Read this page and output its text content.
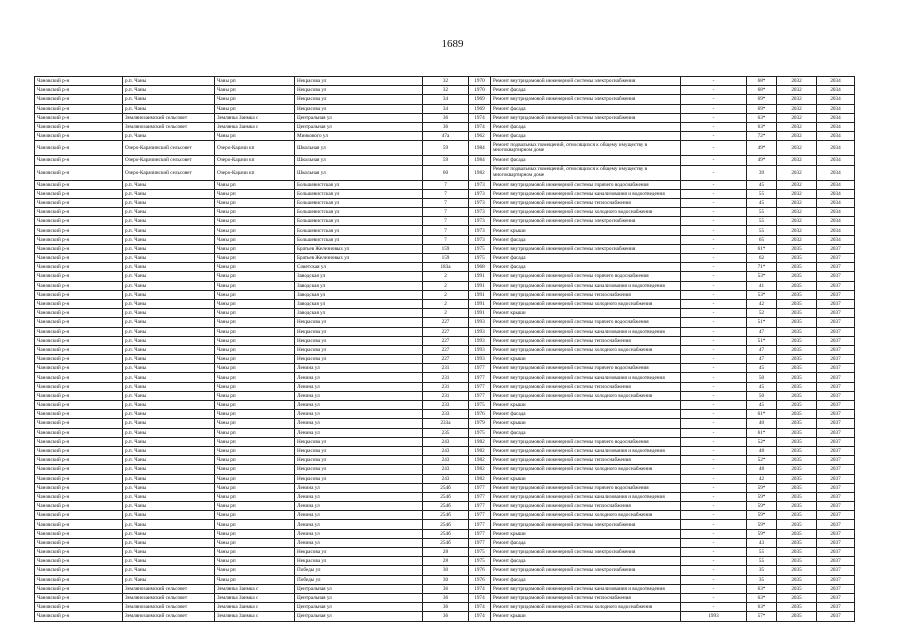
1689
Чановский р-н	р.п. Чаны	Чаны рп	Некрасова ул	32	1970	Ремонт внутридомовой инженерной системы электроснабжения	-	68*	2032	2034
Чановский р-н	р.п. Чаны	Чаны рп	Некрасова ул	32	1970	Ремонт фасада	-	68*	2032	2034
Чановский р-н	р.п. Чаны	Чаны рп	Некрасова ул	34	1969	Ремонт внутридомовой инженерной системы электроснабжения	-	69*	2032	2034
Чановский р-н	р.п. Чаны	Чаны рп	Некрасова ул	34	1969	Ремонт фасада	-	69*	2032	2034
Чановский р-н	Землянозаимский сельсовет	Землянка Заимка с	Центральная ул	36	1974	Ремонт внутридомовой инженерной системы электроснабжения	-	63*	2032	2034
Чановский р-н	Землянозаимский сельсовет	Землянка Заимка с	Центральная ул	36	1974	Ремонт фасада	-	63*	2032	2034
Чановский р-н	р.п. Чаны	Чаны рп	Минкового ул	47а	1962	Ремонт фасада	-	72*	2032	2034
Чановский р-н	Озеро-Карачинский сельсовет	Озеро-Карачи кп	Школьная ул	59	1984	Ремонт подвальных помещений, относящихся к общему имуществу в многоквартирном доме	-	49*	2032	2034
Чановский р-н	Озеро-Карачинский сельсовет	Озеро-Карачи кп	Школьная ул	59	1984	Ремонт фасада	-	49*	2032	2034
Чановский р-н	Озеро-Карачинский сельсовет	Озеро-Карачи кп	Школьная ул	60	1982	Ремонт подвальных помещений, относящихся к общему имуществу в многоквартирном доме	-	39	2032	2034
Чановский р-н	р.п. Чаны	Чаны рп	Большевистская ул	7	1973	Ремонт внутридомовой инженерной системы горячего водоснабжения	-	45	2032	2034
Чановский р-н	р.п. Чаны	Чаны рп	Большевистская ул	7	1973	Ремонт внутридомовой инженерной системы канализования и водоотведения	-	55	2032	2034
Чановский р-н	р.п. Чаны	Чаны рп	Большевистская ул	7	1973	Ремонт внутридомовой инженерной системы теплоснабжения	-	45	2032	2034
Чановский р-н	р.п. Чаны	Чаны рп	Большевистская ул	7	1973	Ремонт внутридомовой инженерной системы холодного водоснабжения	-	55	2032	2034
Чановский р-н	р.п. Чаны	Чаны рп	Большевистская ул	7	1973	Ремонт внутридомовой инженерной системы электроснабжения	-	55	2032	2034
Чановский р-н	р.п. Чаны	Чаны рп	Большевистская ул	7	1973	Ремонт крыши	-	55	2032	2034
Чановский р-н	р.п. Чаны	Чаны рп	Большевистская ул	7	1973	Ремонт фасада	-	65	2032	2034
Чановский р-н	р.п. Чаны	Чаны рп	Братьев Железновых ул	159	1975	Ремонт внутридомовой инженерной системы электроснабжения	-	61*	2035	2037
Чановский р-н	р.п. Чаны	Чаны рп	Братьев Железновых ул	159	1975	Ремонт фасада	-	62	2035	2037
Чановский р-н	р.п. Чаны	Чаны рп	Советская ул	183а	1968	Ремонт фасада	-	71*	2035	2037
Чановский р-н	р.п. Чаны	Чаны рп	Заводская ул	2	1991	Ремонт внутридомовой инженерной системы горячего водоснабжения	-	53*	2035	2037
Чановский р-н	р.п. Чаны	Чаны рп	Заводская ул	2	1991	Ремонт внутридомовой инженерной системы канализования и водоотведения	-	41	2035	2037
Чановский р-н	р.п. Чаны	Чаны рп	Заводская ул	2	1991	Ремонт внутридомовой инженерной системы теплоснабжения	-	53*	2035	2037
Чановский р-н	р.п. Чаны	Чаны рп	Заводская ул	2	1991	Ремонт внутридомовой инженерной системы холодного водоснабжения	-	42	2035	2037
Чановский р-н	р.п. Чаны	Чаны рп	Заводская ул	2	1991	Ремонт крыши	-	52	2035	2037
Чановский р-н	р.п. Чаны	Чаны рп	Некрасова ул	227	1993	Ремонт внутридомовой инженерной системы горячего водоснабжения	-	51*	2035	2037
Чановский р-н	р.п. Чаны	Чаны рп	Некрасова ул	227	1993	Ремонт внутридомовой инженерной системы канализования и водоотведения	-	47	2035	2037
Чановский р-н	р.п. Чаны	Чаны рп	Некрасова ул	227	1993	Ремонт внутридомовой инженерной системы теплоснабжения	-	51*	2035	2037
Чановский р-н	р.п. Чаны	Чаны рп	Некрасова ул	227	1993	Ремонт внутридомовой инженерной системы холодного водоснабжения	-	47	2035	2037
Чановский р-н	р.п. Чаны	Чаны рп	Некрасова ул	227	1993	Ремонт крыши	-	47	2035	2037
Чановский р-н	р.п. Чаны	Чаны рп	Ленина ул	231	1977	Ремонт внутридомовой инженерной системы горячего водоснабжения	-	45	2035	2037
Чановский р-н	р.п. Чаны	Чаны рп	Ленина ул	231	1977	Ремонт внутридомовой инженерной системы канализования и водоотведения	-	50	2035	2037
Чановский р-н	р.п. Чаны	Чаны рп	Ленина ул	231	1977	Ремонт внутридомовой инженерной системы теплоснабжения	-	45	2035	2037
Чановский р-н	р.п. Чаны	Чаны рп	Ленина ул	231	1977	Ремонт внутридомовой инженерной системы холодного водоснабжения	-	50	2035	2037
Чановский р-н	р.п. Чаны	Чаны рп	Ленина ул	233	1975	Ремонт крыши	-	45	2035	2037
Чановский р-н	р.п. Чаны	Чаны рп	Ленина ул	233	1976	Ремонт фасада	-	61*	2035	2037
Чановский р-н	р.п. Чаны	Чаны рп	Ленина ул	233а	1979	Ремонт крыши	-	40	2035	2037
Чановский р-н	р.п. Чаны	Чаны рп	Ленина ул	235	1975	Ремонт фасада	-	61*	2035	2037
Чановский р-н	р.п. Чаны	Чаны рп	Некрасова ул	243	1982	Ремонт внутридомовой инженерной системы горячего водоснабжения	-	52*	2035	2037
Чановский р-н	р.п. Чаны	Чаны рп	Некрасова ул	243	1982	Ремонт внутридомовой инженерной системы канализования и водоотведения	-	48	2035	2037
Чановский р-н	р.п. Чаны	Чаны рп	Некрасова ул	243	1982	Ремонт внутридомовой инженерной системы теплоснабжения	-	52*	2035	2037
Чановский р-н	р.п. Чаны	Чаны рп	Некрасова ул	243	1982	Ремонт внутридомовой инженерной системы холодного водоснабжения	-	48	2035	2037
Чановский р-н	р.п. Чаны	Чаны рп	Некрасова ул	243	1982	Ремонт крыши	-	42	2035	2037
Чановский р-н	р.п. Чаны	Чаны рп	Ленина ул	254б	1977	Ремонт внутридомовой инженерной системы горячего водоснабжения	-	59*	2035	2037
Чановский р-н	р.п. Чаны	Чаны рп	Ленина ул	254б	1977	Ремонт внутридомовой инженерной системы канализования и водоотведения	-	59*	2035	2037
Чановский р-н	р.п. Чаны	Чаны рп	Ленина ул	254б	1977	Ремонт внутридомовой инженерной системы теплоснабжения	-	59*	2035	2037
Чановский р-н	р.п. Чаны	Чаны рп	Ленина ул	254б	1977	Ремонт внутридомовой инженерной системы холодного водоснабжения	-	59*	2035	2037
Чановский р-н	р.п. Чаны	Чаны рп	Ленина ул	254б	1977	Ремонт внутридомовой инженерной системы электроснабжения	-	59*	2035	2037
Чановский р-н	р.п. Чаны	Чаны рп	Ленина ул	254б	1977	Ремонт крыши	-	59*	2035	2037
Чановский р-н	р.п. Чаны	Чаны рп	Ленина ул	254б	1977	Ремонт фасада	-	43	2035	2037
Чановский р-н	р.п. Чаны	Чаны рп	Некрасова ул	28	1975	Ремонт внутридомовой инженерной системы электроснабжения	-	55	2035	2037
Чановский р-н	р.п. Чаны	Чаны рп	Некрасова ул	28	1975	Ремонт фасада	-	55	2035	2037
Чановский р-н	р.п. Чаны	Чаны рп	Победы ул	30	1976	Ремонт внутридомовой инженерной системы электроснабжения	-	35	2035	2037
Чановский р-н	р.п. Чаны	Чаны рп	Победы ул	30	1976	Ремонт фасада	-	35	2035	2037
Чановский р-н	Землянозаимский сельсовет	Землянка Заимка с	Центральная ул	36	1974	Ремонт внутридомовой инженерной системы канализования и водоотведения	-	63*	2035	2037
Чановский р-н	Землянозаимский сельсовет	Землянка Заимка с	Центральная ул	36	1974	Ремонт внутридомовой инженерной системы теплоснабжения	-	63*	2035	2037
Чановский р-н	Землянозаимский сельсовет	Землянка Заимка с	Центральная ул	36	1974	Ремонт внутридомовой инженерной системы холодного водоснабжения	-	63*	2035	2037
Чановский р-н	Землянозаимский сельсовет	Землянка Заимка с	Центральная ул	36	1974	Ремонт крыши	1993	57*	2035	2037
